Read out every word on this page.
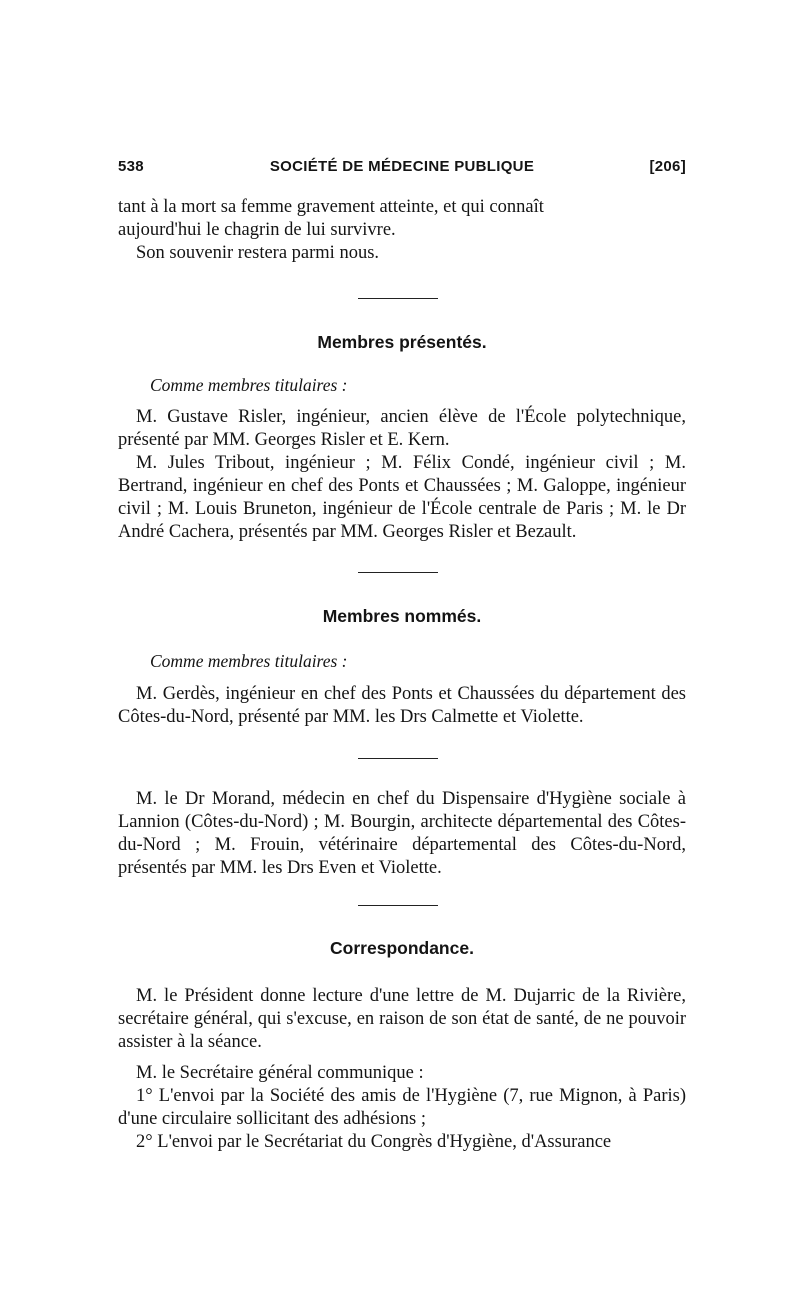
538	SOCIÉTÉ DE MÉDECINE PUBLIQUE	[206]

tant à la mort sa femme gravement atteinte, et qui connaît

aujourd'hui le chagrin de lui survivre.

Son souvenir restera parmi nous.

Membres présentés.
Comme membres titulaires :

M. Gustave Risler, ingénieur, ancien élève de l'École polytechnique, présenté par MM. Georges Risler et E. Kern.

M. Jules Tribout, ingénieur ; M. Félix Condé, ingénieur civil ; M. Bertrand, ingénieur en chef des Ponts et Chaussées ; M. Galoppe, ingénieur civil ; M. Louis Bruneton, ingénieur de l'École centrale de Paris ; M. le Dr André Cachera, présentés par MM. Georges Risler et Bezault.

Membres nommés.
Comme membres titulaires :

M. Gerdès, ingénieur en chef des Ponts et Chaussées du département des Côtes-du-Nord, présenté par MM. les Drs Calmette et Violette.

M. le Dr Morand, médecin en chef du Dispensaire d'Hygiène sociale à Lannion (Côtes-du-Nord) ; M. Bourgin, architecte départemental des Côtes-du-Nord ; M. Frouin, vétérinaire départemental des Côtes-du-Nord, présentés par MM. les Drs Even et Violette.

Correspondance.

M. le Président donne lecture d'une lettre de M. Dujarric de la Rivière, secrétaire général, qui s'excuse, en raison de son état de santé, de ne pouvoir assister à la séance.

M. le Secrétaire général communique :

1° L'envoi par la Société des amis de l'Hygiène (7, rue Mignon, à Paris) d'une circulaire sollicitant des adhésions ;

2° L'envoi par le Secrétariat du Congrès d'Hygiène, d'Assurance
